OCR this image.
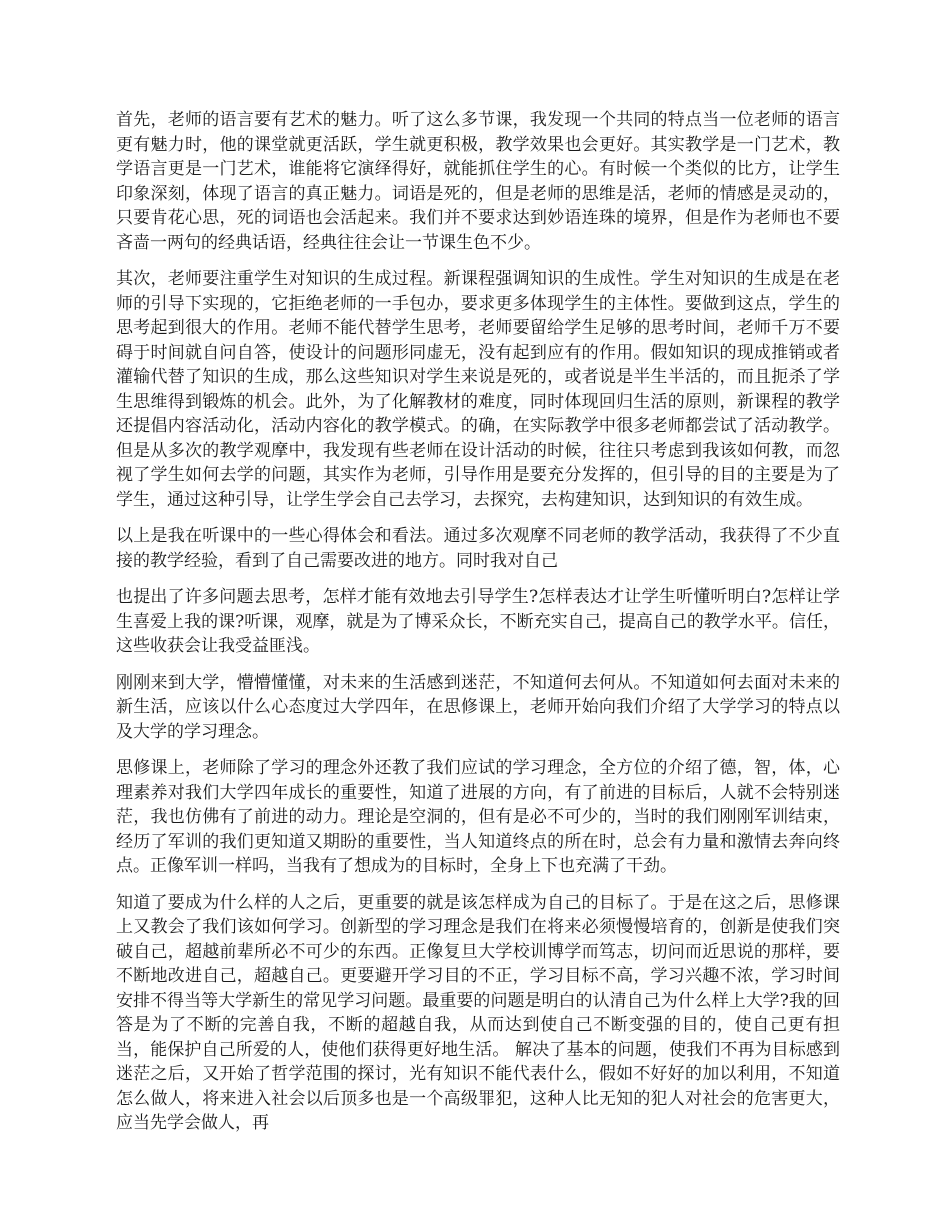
首先，老师的语言要有艺术的魅力。听了这么多节课，我发现一个共同的特点当一位老师的语言更有魅力时，他的课堂就更活跃，学生就更积极，教学效果也会更好。其实教学是一门艺术，教学语言更是一门艺术，谁能将它演绎得好，就能抓住学生的心。有时候一个类似的比方，让学生印象深刻，体现了语言的真正魅力。词语是死的，但是老师的思维是活，老师的情感是灵动的，只要肯花心思，死的词语也会活起来。我们并不要求达到妙语连珠的境界，但是作为老师也不要吝啬一两句的经典话语，经典往往会让一节课生色不少。

其次，老师要注重学生对知识的生成过程。新课程强调知识的生成性。学生对知识的生成是在老师的引导下实现的，它拒绝老师的一手包办，要求更多体现学生的主体性。要做到这点，学生的思考起到很大的作用。老师不能代替学生思考，老师要留给学生足够的思考时间，老师千万不要碍于时间就自问自答，使设计的问题形同虚无，没有起到应有的作用。假如知识的现成推销或者灌输代替了知识的生成，那么这些知识对学生来说是死的，或者说是半生半活的，而且扼杀了学生思维得到锻炼的机会。此外，为了化解教材的难度，同时体现回归生活的原则，新课程的教学还提倡内容活动化，活动内容化的教学模式。的确，在实际教学中很多老师都尝试了活动教学。但是从多次的教学观摩中，我发现有些老师在设计活动的时候，往往只考虑到我该如何教，而忽视了学生如何去学的问题，其实作为老师，引导作用是要充分发挥的，但引导的目的主要是为了学生，通过这种引导，让学生学会自己去学习，去探究，去构建知识，达到知识的有效生成。

以上是我在听课中的一些心得体会和看法。通过多次观摩不同老师的教学活动，我获得了不少直接的教学经验，看到了自己需要改进的地方。同时我对自己

也提出了许多问题去思考，怎样才能有效地去引导学生?怎样表达才让学生听懂听明白?怎样让学生喜爱上我的课?听课，观摩，就是为了博采众长，不断充实自己，提高自己的教学水平。信任，这些收获会让我受益匪浅。

刚刚来到大学，懵懵懂懂，对未来的生活感到迷茫，不知道何去何从。不知道如何去面对未来的新生活，应该以什么心态度过大学四年，在思修课上，老师开始向我们介绍了大学学习的特点以及大学的学习理念。

思修课上，老师除了学习的理念外还教了我们应试的学习理念，全方位的介绍了德，智，体，心理素养对我们大学四年成长的重要性，知道了进展的方向，有了前进的目标后，人就不会特别迷茫，我也仿佛有了前进的动力。理论是空洞的，但有是必不可少的，当时的我们刚刚军训结束，经历了军训的我们更知道又期盼的重要性，当人知道终点的所在时，总会有力量和激情去奔向终点。正像军训一样吗，当我有了想成为的目标时，全身上下也充满了干劲。

知道了要成为什么样的人之后，更重要的就是该怎样成为自己的目标了。于是在这之后，思修课上又教会了我们该如何学习。创新型的学习理念是我们在将来必须慢慢培育的，创新是使我们突破自己，超越前辈所必不可少的东西。正像复旦大学校训博学而笃志，切问而近思说的那样，要不断地改进自己，超越自己。更要避开学习目的不正，学习目标不高，学习兴趣不浓，学习时间安排不得当等大学新生的常见学习问题。最重要的问题是明白的认清自己为什么样上大学?我的回答是为了不断的完善自我，不断的超越自我，从而达到使自己不断变强的目的，使自己更有担当，能保护自己所爱的人，使他们获得更好地生活。 解决了基本的问题，使我们不再为目标感到迷茫之后，又开始了哲学范围的探讨，光有知识不能代表什么，假如不好好的加以利用，不知道怎么做人，将来进入社会以后顶多也是一个高级罪犯，这种人比无知的犯人对社会的危害更大，应当先学会做人，再
